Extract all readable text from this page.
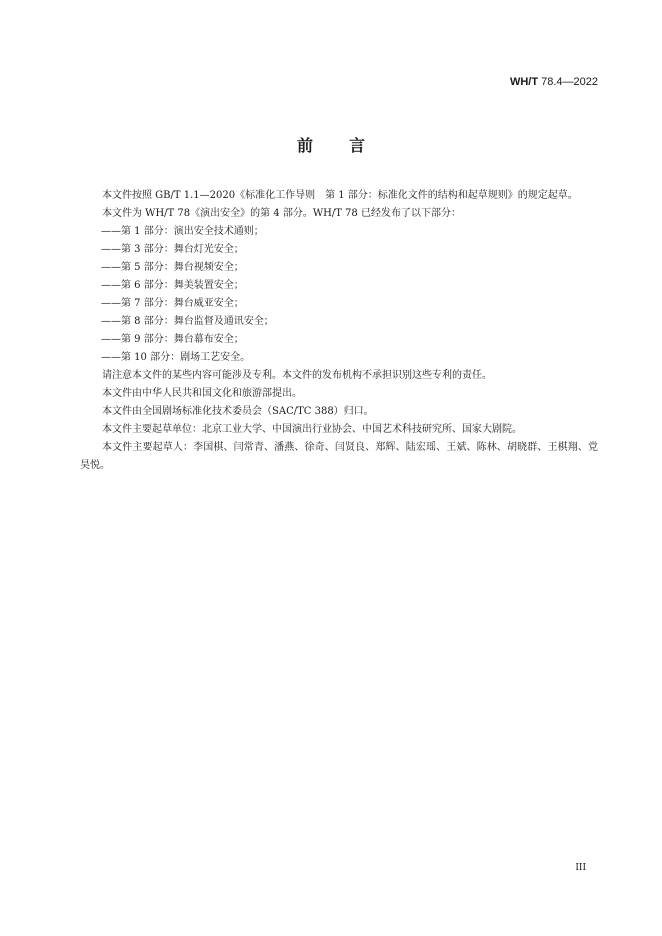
WH/T 78.4—2022
前言

本文件按照 GB/T 1.1—2020《标准化工作导则　第 1 部分：标准化文件的结构和起草规则》的规定起草。

本文件为 WH/T 78《演出安全》的第 4 部分。WH/T 78 已经发布了以下部分：

——第 1 部分：演出安全技术通则；

——第 3 部分：舞台灯光安全；

——第 5 部分：舞台视频安全；

——第 6 部分：舞美装置安全；

——第 7 部分：舞台威亚安全；

——第 8 部分：舞台监督及通讯安全；

——第 9 部分：舞台幕布安全；

——第 10 部分：剧场工艺安全。

请注意本文件的某些内容可能涉及专利。本文件的发布机构不承担识别这些专利的责任。

本文件由中华人民共和国文化和旅游部提出。

本文件由全国剧场标准化技术委员会（SAC/TC 388）归口。

本文件主要起草单位：北京工业大学、中国演出行业协会、中国艺术科技研究所、国家大剧院。

本文件主要起草人：李国棋、闫常青、潘燕、徐奇、闫贤良、郑辉、陆宏瑶、王斌、陈林、胡晓群、王棋翔、党昊悦。

III
